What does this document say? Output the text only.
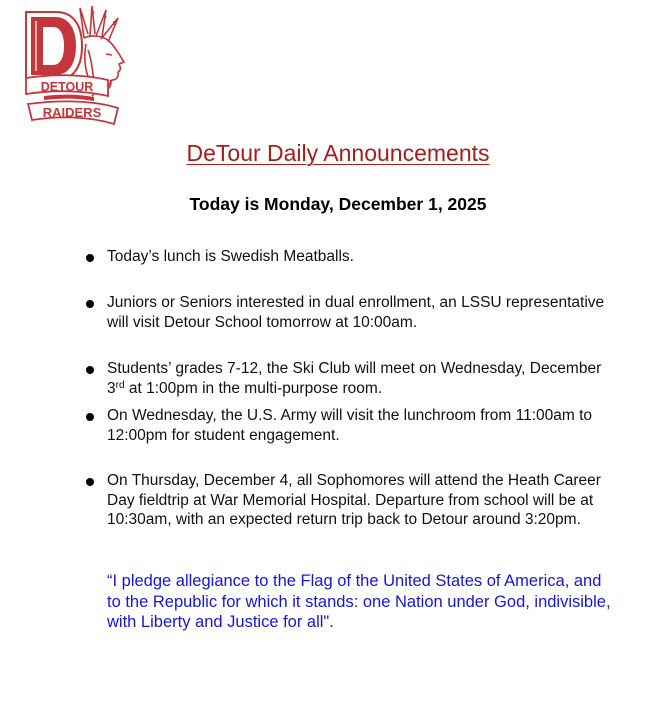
DETOUR
RAIDERS
DeTour Daily Announcements
Today is Monday, December 1, 2025
Today’s lunch is Swedish Meatballs.
Juniors or Seniors interested in dual enrollment, an LSSU representative will visit Detour School tomorrow at 10:00am.
Students’ grades 7-12, the Ski Club will meet on Wednesday, December 3rd at 1:00pm in the multi-purpose room.
On Wednesday, the U.S. Army will visit the lunchroom from 11:00am to 12:00pm for student engagement.
On Thursday, December 4, all Sophomores will attend the Heath Career Day fieldtrip at War Memorial Hospital. Departure from school will be at 10:30am, with an expected return trip back to Detour around 3:20pm.
“I pledge allegiance to the Flag of the United States of America, and to the Republic for which it stands: one Nation under God, indivisible, with Liberty and Justice for all".
